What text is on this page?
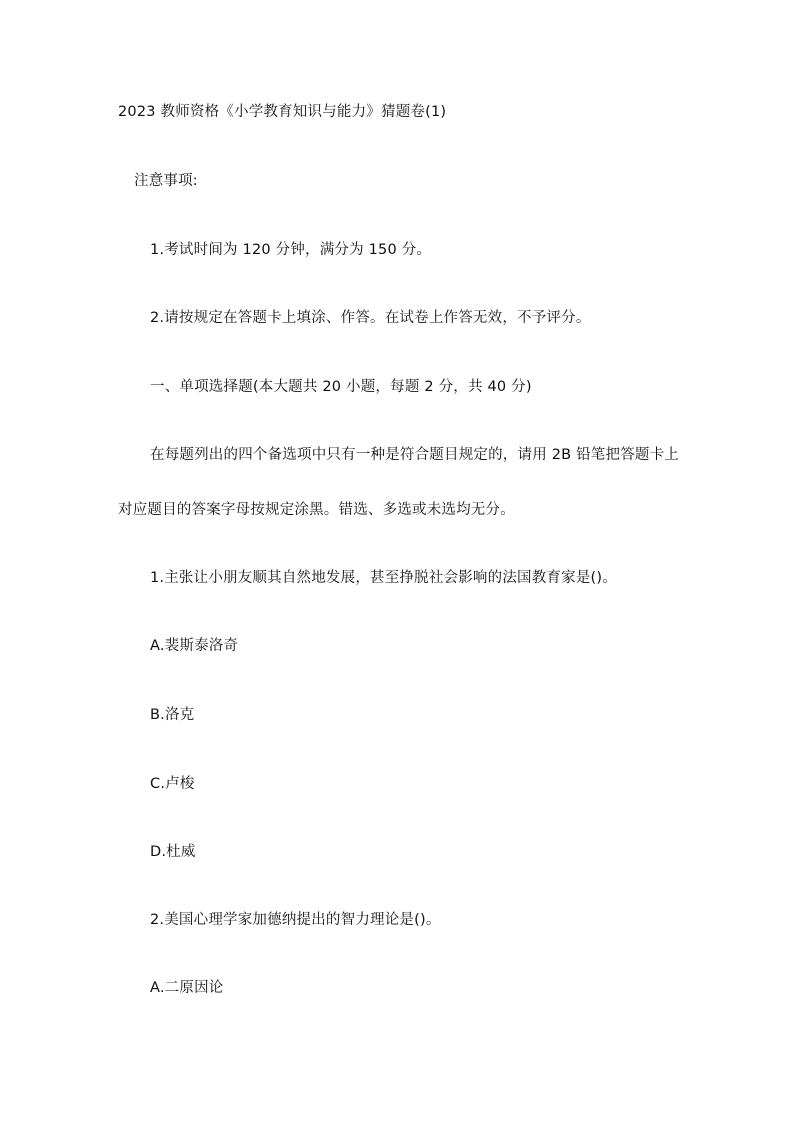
2023 教师资格《小学教育知识与能力》猜题卷(1)
注意事项:
1.考试时间为 120 分钟，满分为 150 分。
2.请按规定在答题卡上填涂、作答。在试卷上作答无效，不予评分。
一、单项选择题(本大题共 20 小题，每题 2 分，共 40 分)
在每题列出的四个备选项中只有一种是符合题目规定的，请用 2B 铅笔把答题卡上
对应题目的答案字母按规定涂黑。错选、多选或未选均无分。
1.主张让小朋友顺其自然地发展，甚至挣脱社会影响的法国教育家是()。
A.裴斯泰洛奇
B.洛克
C.卢梭
D.杜威
2.美国心理学家加德纳提出的智力理论是()。
A.二原因论
